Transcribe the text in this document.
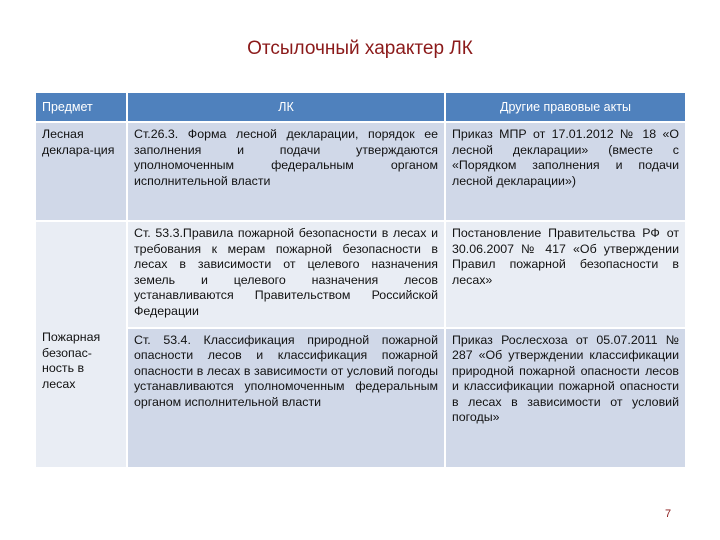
Отсылочный характер ЛК
Предмет	ЛК	Другие правовые акты
Лесная деклара-ция	Ст.26.3. Форма лесной декларации, порядок ее заполнения и подачи утверждаются уполномоченным федеральным органом исполнительной власти	Приказ МПР от 17.01.2012 № 18 «О лесной декларации» (вместе с «Порядком заполнения и подачи лесной декларации»)

Пожарная безопас-ность в лесах	Ст. 53.3.Правила пожарной безопасности в лесах и требования к мерам пожарной безопасности в лесах в зависимости от целевого назначения земель и целевого назначения лесов устанавливаются Правительством Российской Федерации	Постановление Правительства РФ от 30.06.2007 № 417 «Об утверждении Правил пожарной безопасности в лесах»
	Ст. 53.4. Классификация природной пожарной опасности лесов и классификация пожарной опасности в лесах в зависимости от условий погоды устанавливаются уполномоченным федеральным органом исполнительной власти	Приказ Рослесхоза от 05.07.2011 № 287 «Об утверждении классификации природной пожарной опасности лесов и классификации пожарной опасности в лесах в зависимости от условий погоды»
7
